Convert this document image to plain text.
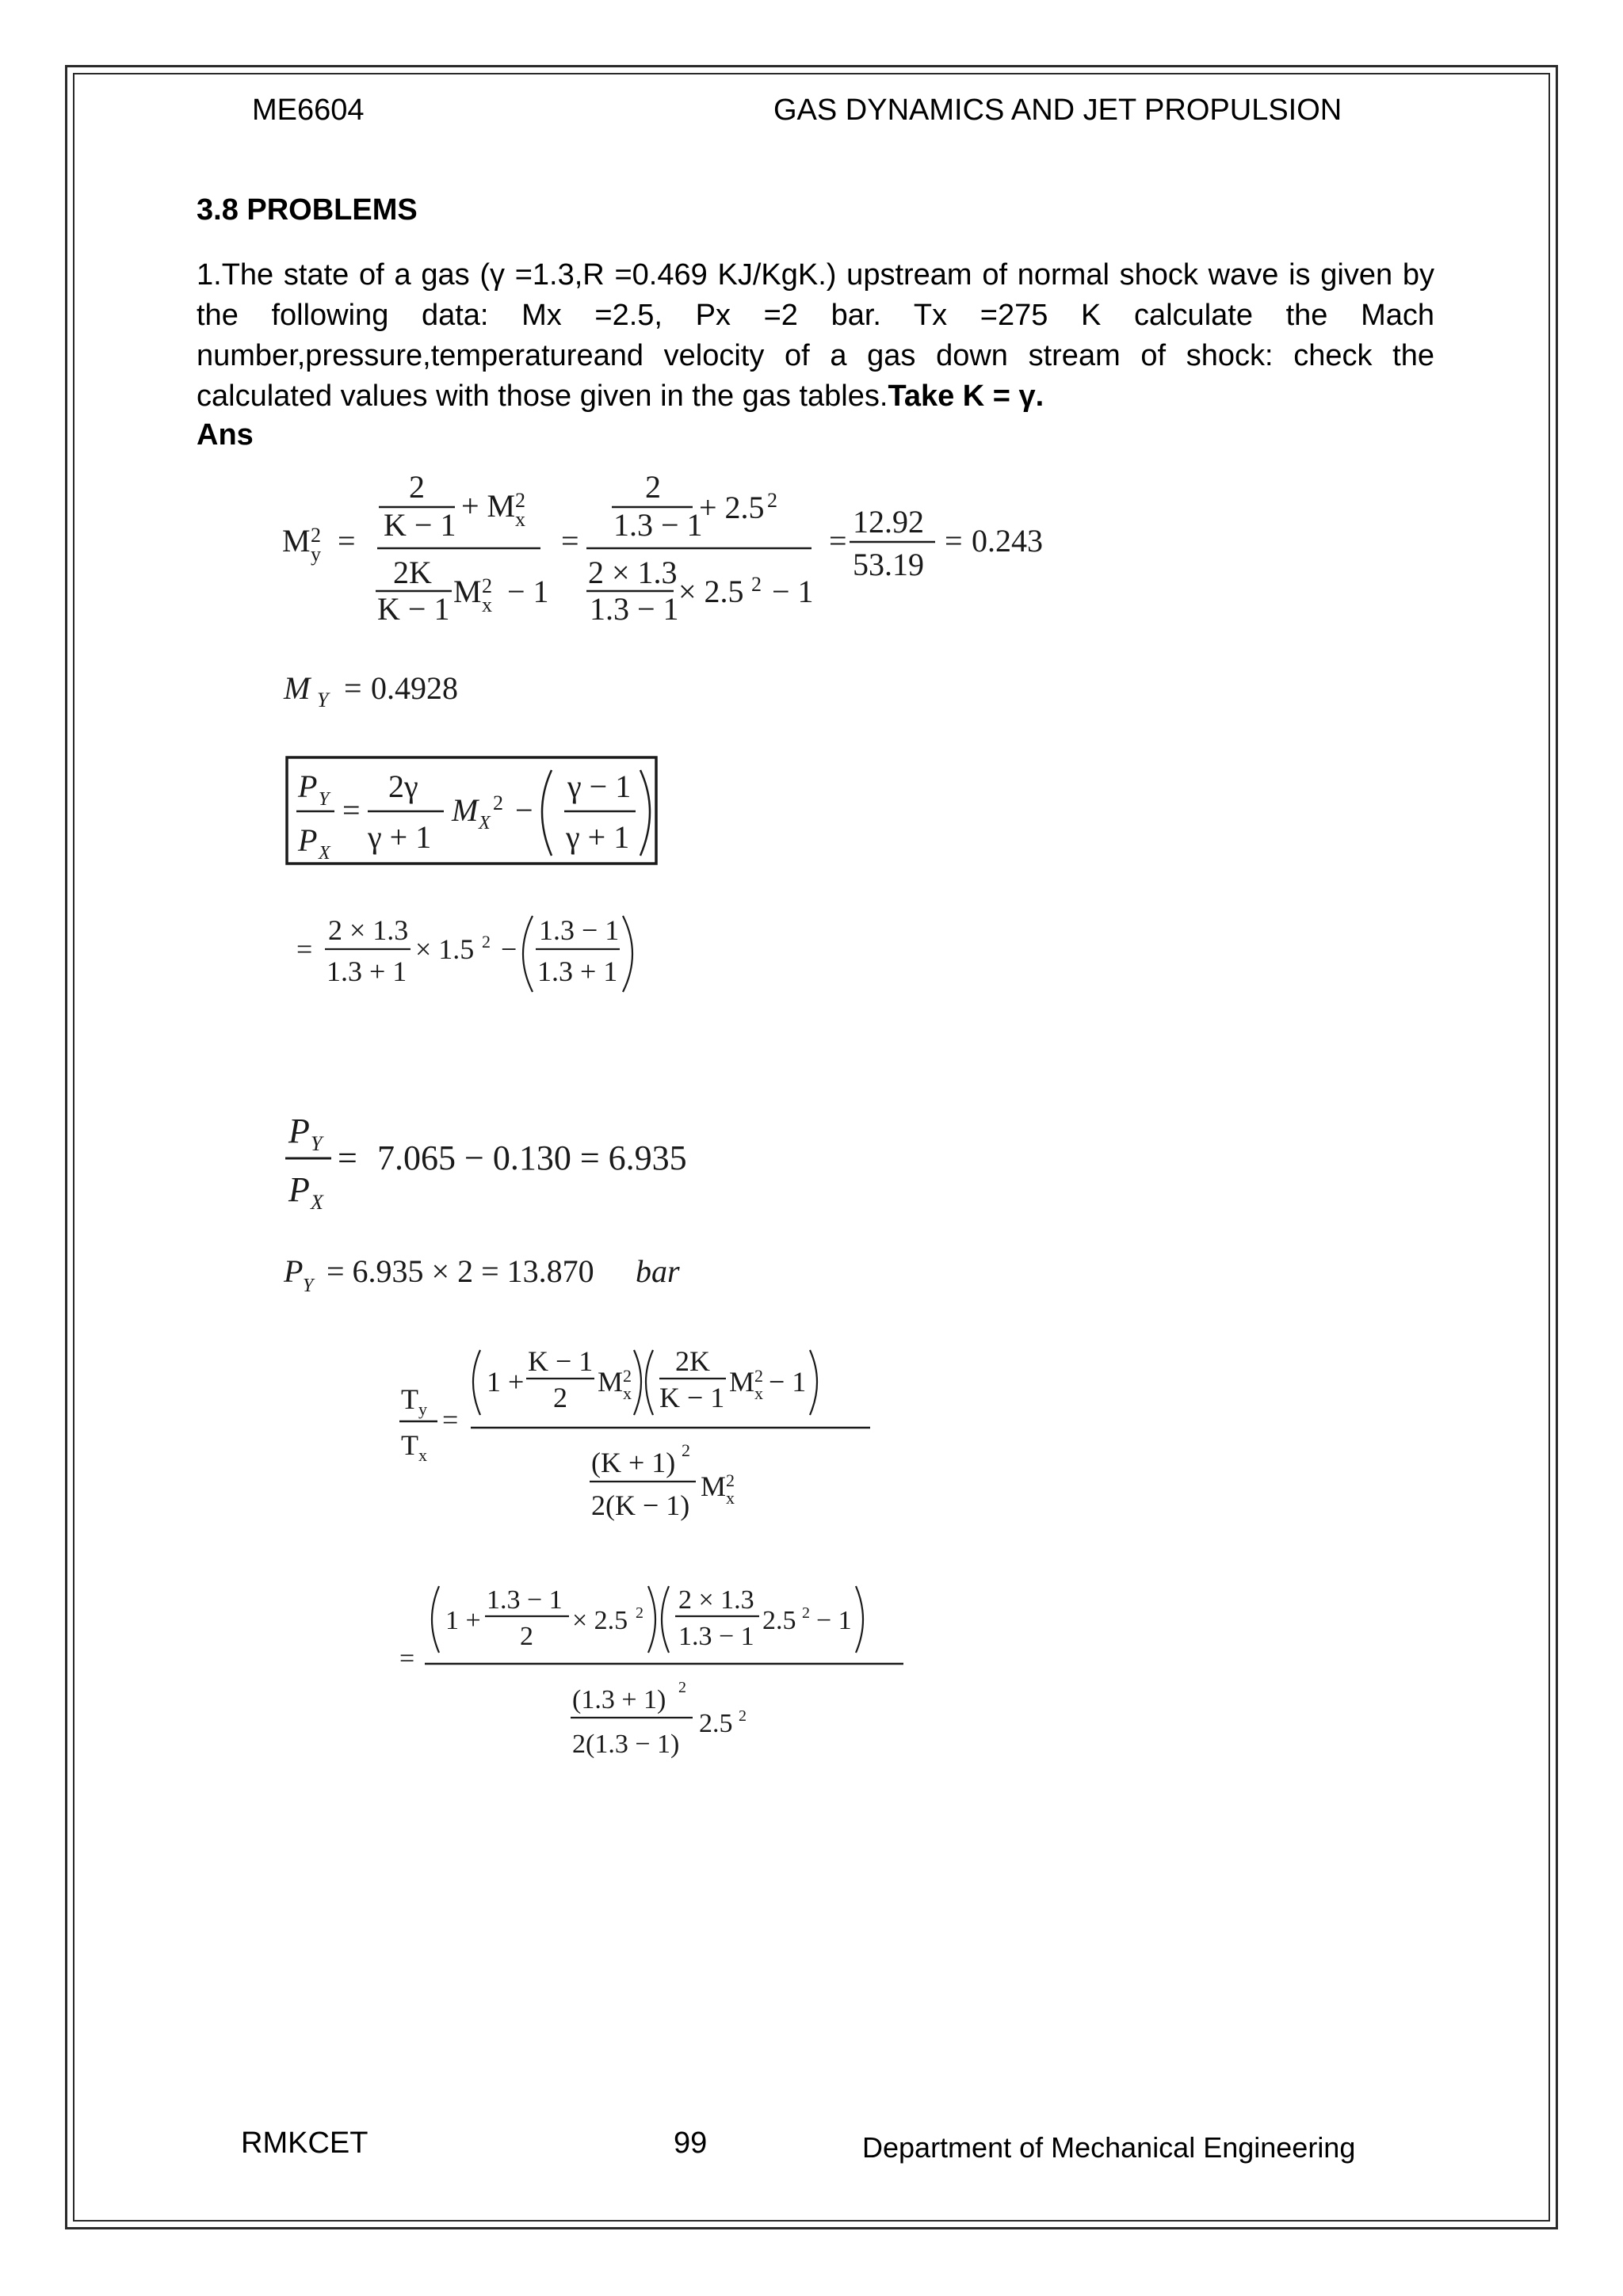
ME6604	GAS DYNAMICS AND JET PROPULSION
3.8 PROBLEMS
1.The state of a gas (γ =1.3,R =0.469 KJ/KgK.) upstream of normal shock wave is given by the following data: Mx =2.5, Px =2 bar. Tx =275 K calculate the Mach number,pressure,temperatureand velocity of a gas down stream of shock: check the calculated values with those given in the gas tables.Take K = γ.
Ans
M 2
y =
2
K − 1
+ M 2
x
2K
K − 1 M 2
x − 1
=
2
1.3 − 1
+ 2.5 2
2 × 1.3
1.3 − 1 × 2.5 2 − 1
=
12.92
53.19
= 0.243
M Y = 0.4928
P Y
P X
=
2γ
γ + 1
M X
2 −
γ − 1
γ + 1
=
2 × 1.3
1.3 + 1
× 1.5 2 −
1.3 − 1
1.3 + 1
P Y
P X
= 7.065 − 0.130 = 6.935
P Y = 6.935 × 2 = 13.870 bar
T y
T x
=
1 +
K − 1
2 M 2
x
2K
K − 1 M 2
x − 1
(K + 1) 2
2(K − 1)
M 2
x
=
1 +
1.3 − 1
2
× 2.5 2 2 × 1.3
1.3 − 1
2.5 2 − 1
(1.3 + 1) 2
2(1.3 − 1)
2.5 2
RMKCET	99	Department of Mechanical Engineering
